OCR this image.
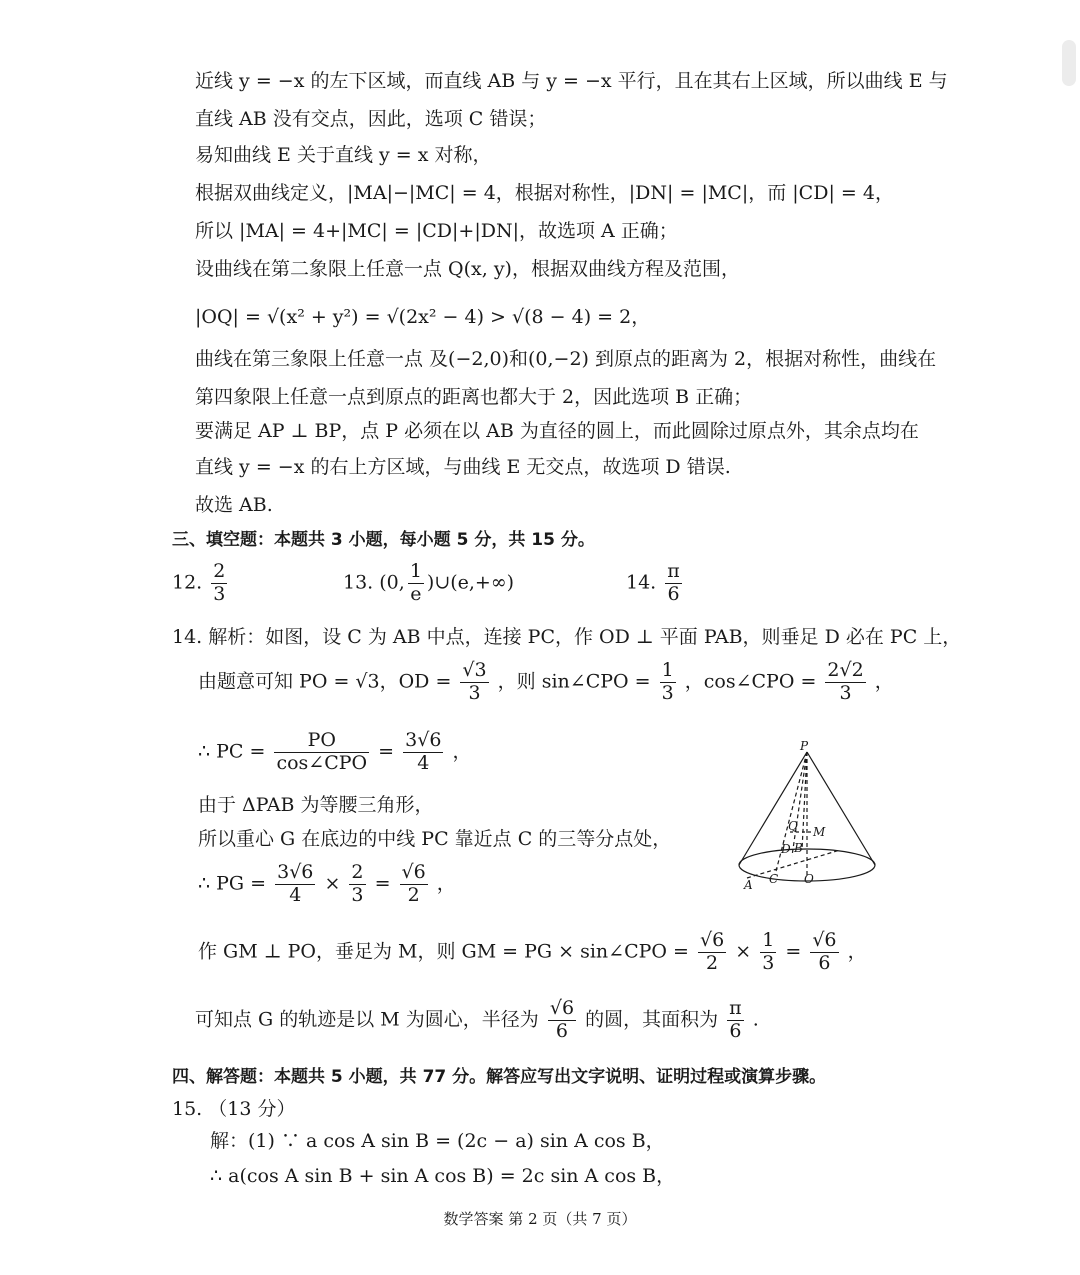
近线 y = −x 的左下区域，而直线 AB 与 y = −x 平行，且在其右上区域，所以曲线 E 与
直线 AB 没有交点，因此，选项 C 错误；
易知曲线 E 关于直线 y = x 对称，
根据双曲线定义，|MA|−|MC| = 4，根据对称性，|DN| = |MC|，而 |CD| = 4，
所以 |MA| = 4+|MC| = |CD|+|DN|，故选项 A 正确；
设曲线在第二象限上任意一点 Q(x, y)，根据双曲线方程及范围，
|OQ| = √(x² + y²) = √(2x² − 4) > √(8 − 4) = 2，
曲线在第三象限上任意一点 及(−2,0)和(0,−2) 到原点的距离为 2，根据对称性，曲线在
第四象限上任意一点到原点的距离也都大于 2，因此选项 B 正确；
要满足 AP ⊥ BP，点 P 必须在以 AB 为直径的圆上，而此圆除过原点外，其余点均在
直线 y = −x 的右上方区域，与曲线 E 无交点，故选项 D 错误.
故选 AB.
三、填空题：本题共 3 小题，每小题 5 分，共 15 分。
12. $\frac{2}{3}$	13. (0, $\frac{1}{e}$ )∪(e,+∞)	14. $\frac{\pi}{6}$
14. 解析：如图，设 C 为 AB 中点，连接 PC，作 OD ⊥ 平面 PAB，则垂足 D 必在 PC 上，
由题意可知 PO = √3，OD = $\frac{√3}{3}$ ，则 sin∠CPO = $\frac{1}{3}$ ，cos∠CPO = $\frac{2√2}{3}$ ，
∴ PC = $\frac{PO}{\text{cos∠CPO}} = \frac{3√6}{4}$ ，
由于 ΔPAB 为等腰三角形，
所以重心 G 在底边的中线 PC 靠近点 C 的三等分点处，
∴ PG = $\frac{3√6}{4} \times \frac{2}{3} = \frac{√6}{2}$ ，
作 GM ⊥ PO，垂足为 M，则 GM = PG × sin∠CPO = $\frac{√6}{2} \times \frac{1}{3} = \frac{√6}{6}$ ，
可知点 G 的轨迹是以 M 为圆心，半径为 $\frac{√6}{6}$ 的圆，其面积为 $\frac{\pi}{6}$ .
四、解答题：本题共 5 小题，共 77 分。解答应写出文字说明、证明过程或演算步骤。
15. （13 分）
解：(1) ∵ a cos A sin B = (2c − a) sin A cos B，
∴ a(cos A sin B + sin A cos B) = 2c sin A cos B，
P
Q M
D B
A C O
数学答案 第 2 页（共 7 页）
